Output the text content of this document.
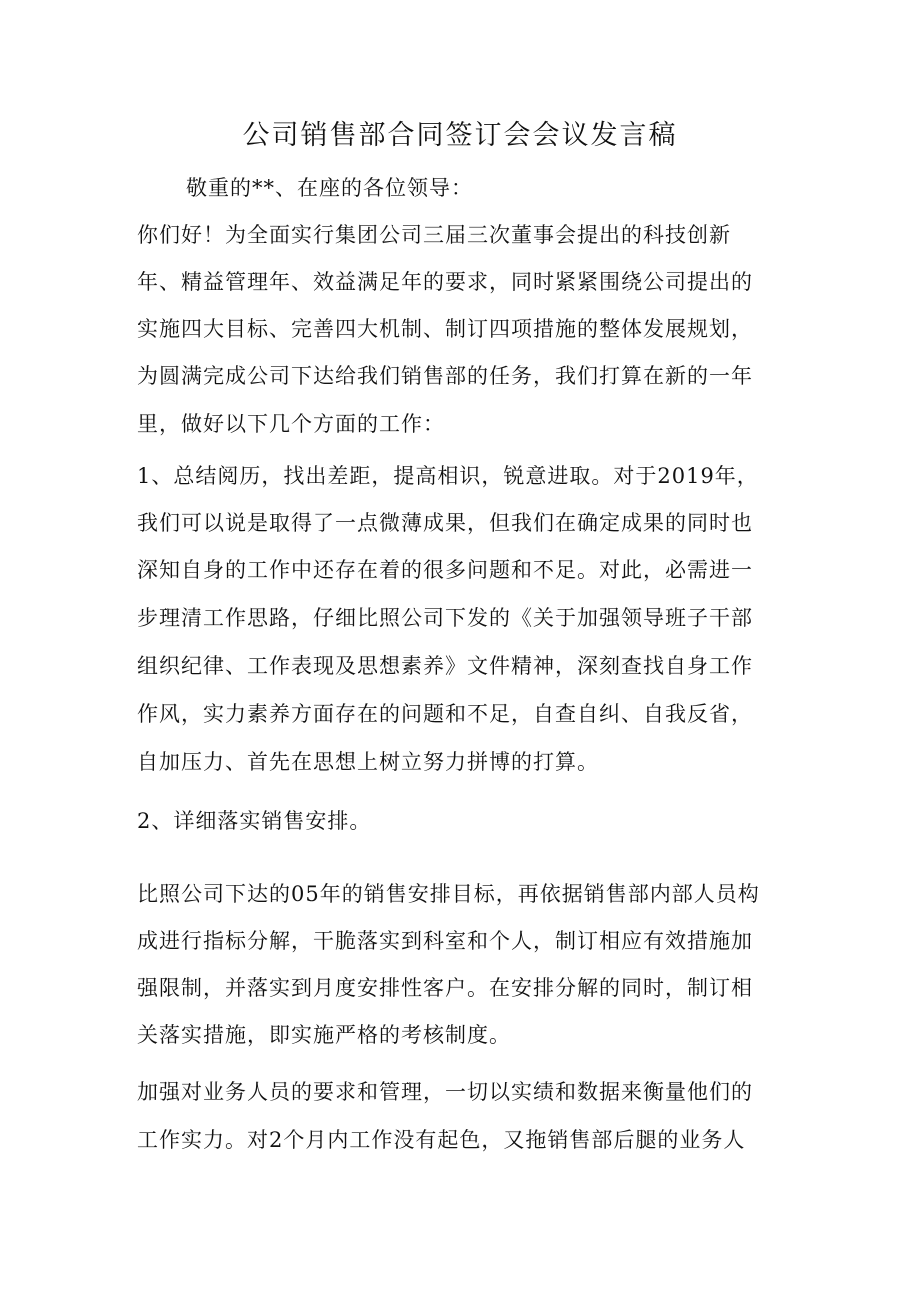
公司销售部合同签订会会议发言稿

敬重的**、在座的各位领导：

你们好！为全面实行集团公司三届三次董事会提出的科技创新

年、精益管理年、效益满足年的要求，同时紧紧围绕公司提出的

实施四大目标、完善四大机制、制订四项措施的整体发展规划，

为圆满完成公司下达给我们销售部的任务，我们打算在新的一年

里，做好以下几个方面的工作：

1、总结阅历，找出差距，提高相识，锐意进取。对于2019年，

我们可以说是取得了一点微薄成果，但我们在确定成果的同时也

深知自身的工作中还存在着的很多问题和不足。对此，必需进一

步理清工作思路，仔细比照公司下发的《关于加强领导班子干部

组织纪律、工作表现及思想素养》文件精神，深刻查找自身工作

作风，实力素养方面存在的问题和不足，自查自纠、自我反省，

自加压力、首先在思想上树立努力拼博的打算。

2、详细落实销售安排。

比照公司下达的05年的销售安排目标，再依据销售部内部人员构

成进行指标分解，干脆落实到科室和个人，制订相应有效措施加

强限制，并落实到月度安排性客户。在安排分解的同时，制订相

关落实措施，即实施严格的考核制度。

加强对业务人员的要求和管理，一切以实绩和数据来衡量他们的

工作实力。对2个月内工作没有起色，又拖销售部后腿的业务人
